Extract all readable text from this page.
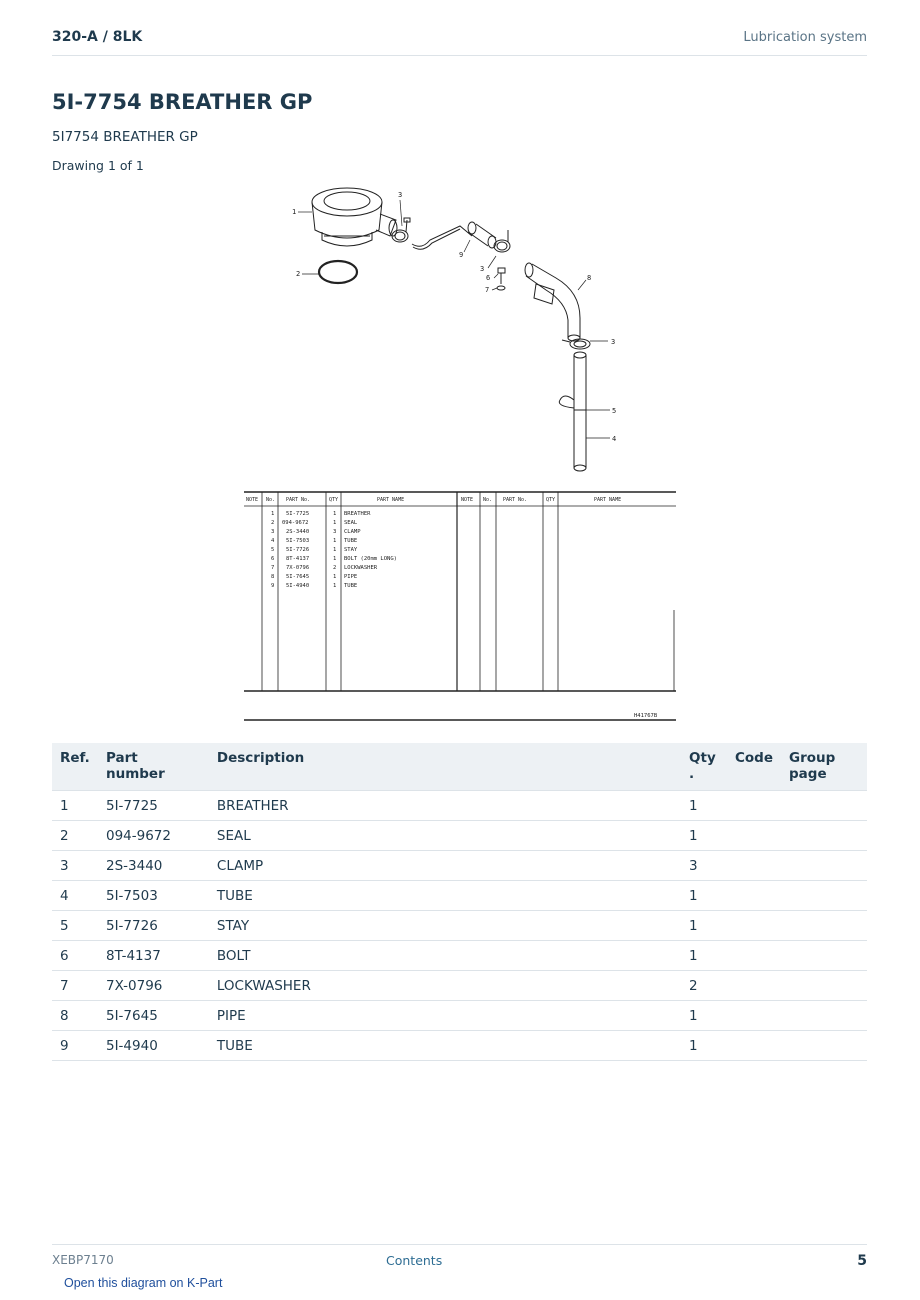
320-A / 8LK	Lubrication system
5I-7754 BREATHER GP
5I7754 BREATHER GP
Drawing 1 of 1
1
2
3
9
3
6
7
8
3
5
4
NOTE No. PART No.	QTY	PART NAME	NOTE No. PART No.	QTY	PART NAME
1 5I-7725	1 BREATHER
2 094-9672	1 SEAL
3 2S-3440	3 CLAMP
4 5I-7503	1 TUBE
5 5I-7726	1 STAY
6 8T-4137	1 BOLT (20mm LONG)
7 7X-0796	2 LOCKWASHER
8 5I-7645	1 PIPE
9 5I-4940	1 TUBE
H41767B
Ref.	Part number	Description	Qty .	Code	Group page
1	5I-7725	BREATHER	1		
2	094-9672	SEAL	1		
3	2S-3440	CLAMP	3		
4	5I-7503	TUBE	1		
5	5I-7726	STAY	1		
6	8T-4137	BOLT	1		
7	7X-0796	LOCKWASHER	2		
8	5I-7645	PIPE	1		
9	5I-4940	TUBE	1		
XEBP7170	Contents	5
Open this diagram on K-Part
